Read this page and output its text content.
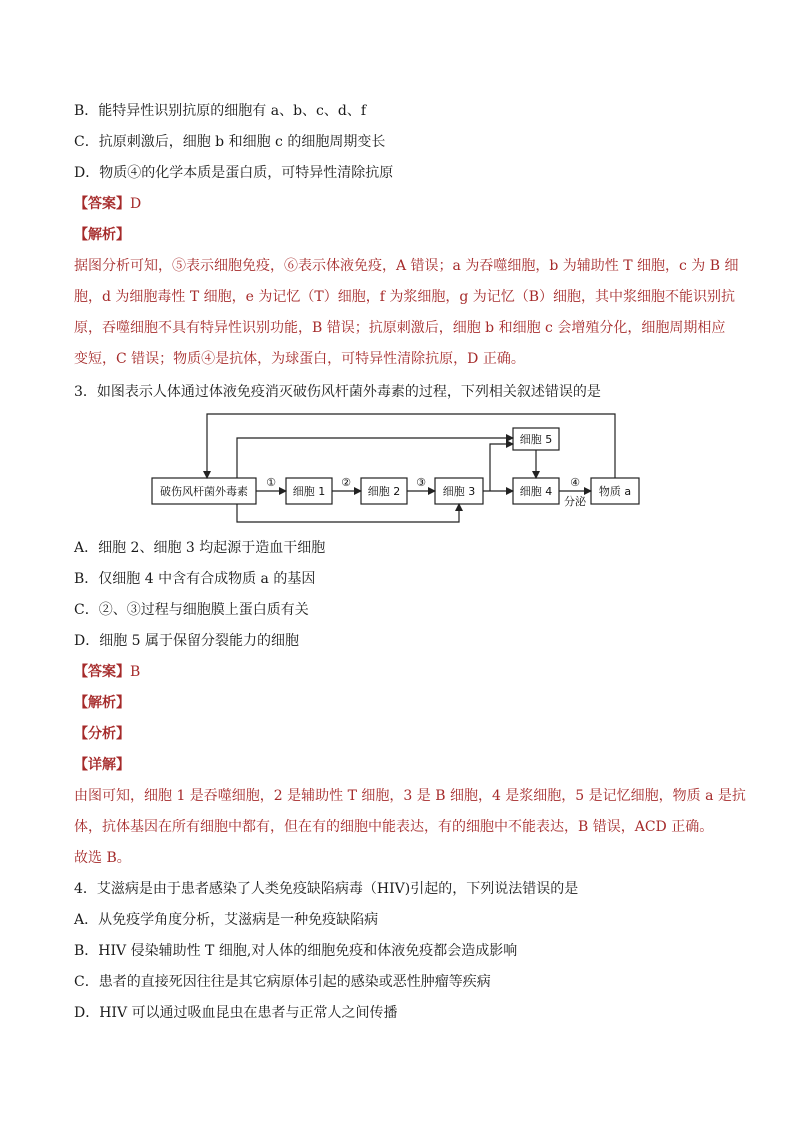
B．能特异性识别抗原的细胞有 a、b、c、d、f
C．抗原刺激后，细胞 b 和细胞 c 的细胞周期变长
D．物质④的化学本质是蛋白质，可特异性清除抗原
【答案】D
【解析】
据图分析可知，⑤表示细胞免疫，⑥表示体液免疫，A 错误；a 为吞噬细胞，b 为辅助性 T 细胞，c 为 B 细
胞，d 为细胞毒性 T 细胞，e 为记忆（T）细胞，f 为浆细胞，g 为记忆（B）细胞，其中浆细胞不能识别抗
原，吞噬细胞不具有特异性识别功能，B 错误；抗原刺激后，细胞 b 和细胞 c 会增殖分化，细胞周期相应
变短，C 错误；物质④是抗体，为球蛋白，可特异性清除抗原，D 正确。
3．如图表示人体通过体液免疫消灭破伤风杆菌外毒素的过程，下列相关叙述错误的是
破伤风杆菌外毒素	细胞 1	细胞 2	细胞 3	细胞 4
细胞 5
物质 a
①	②	③	④
分泌
A．细胞 2、细胞 3 均起源于造血干细胞
B．仅细胞 4 中含有合成物质 a 的基因
C．②、③过程与细胞膜上蛋白质有关
D．细胞 5 属于保留分裂能力的细胞
【答案】B
【解析】
【分析】
【详解】
由图可知，细胞 1 是吞噬细胞，2 是辅助性 T 细胞，3 是 B 细胞，4 是浆细胞，5 是记忆细胞，物质 a 是抗
体，抗体基因在所有细胞中都有，但在有的细胞中能表达，有的细胞中不能表达，B 错误，ACD 正确。
故选 B。
4．艾滋病是由于患者感染了人类免疫缺陷病毒（HIV)引起的，下列说法错误的是
A．从免疫学角度分析，艾滋病是一种免疫缺陷病
B．HIV 侵染辅助性 T 细胞,对人体的细胞免疫和体液免疫都会造成影响
C．患者的直接死因往往是其它病原体引起的感染或恶性肿瘤等疾病
D．HIV 可以通过吸血昆虫在患者与正常人之间传播
